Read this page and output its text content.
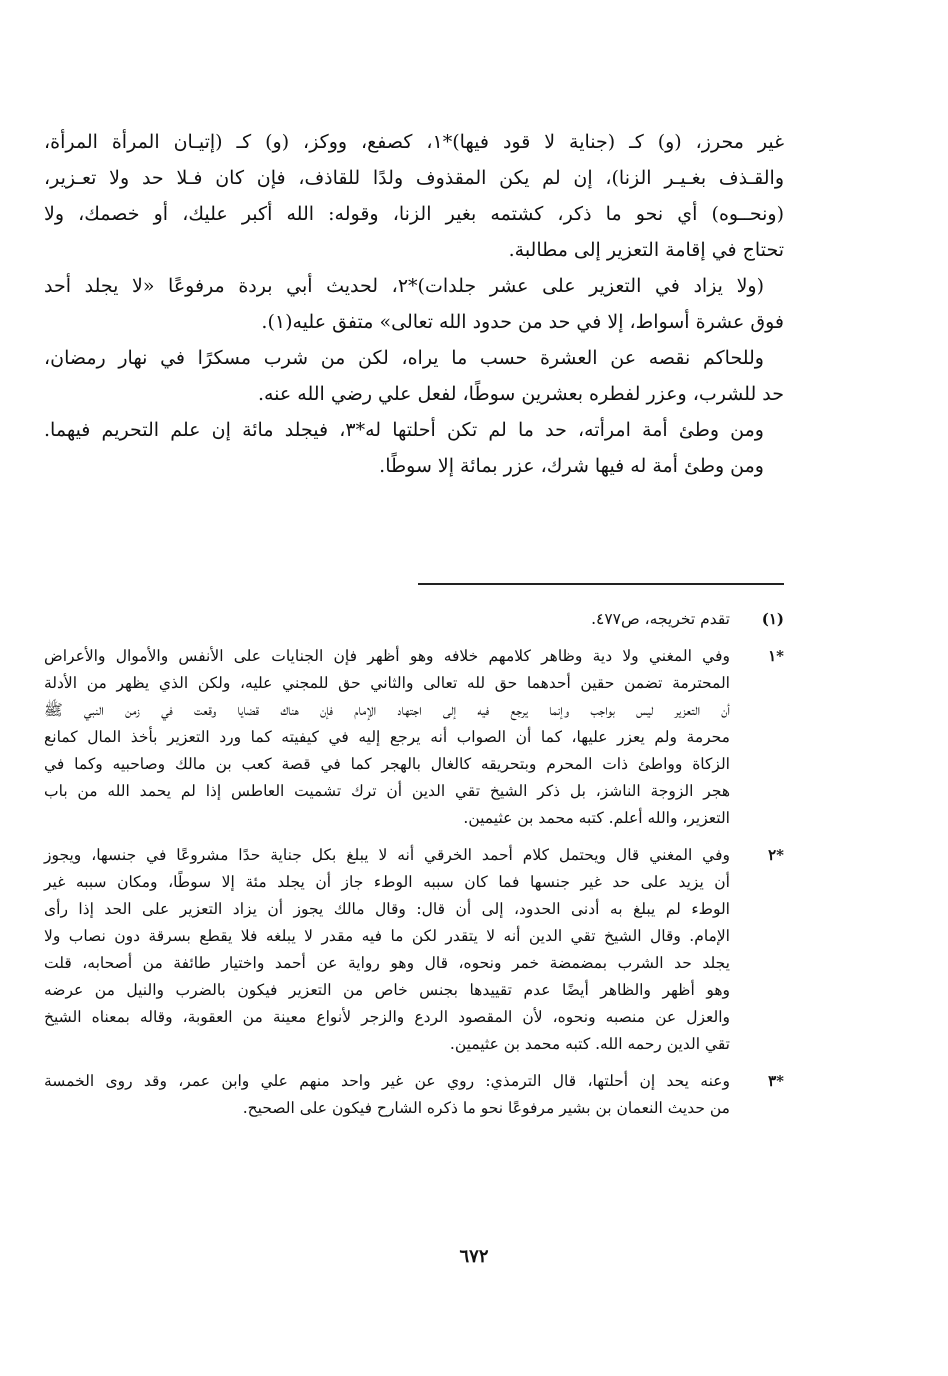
غير محرز، (و) كـ (جناية لا قود فيها)*١، كصفع، ووكز، (و) كـ (إتيـان المرأة المرأة،
والقـذف بغـيـر الزنا)، إن لم يكن المقذوف ولدًا للقاذف، فإن كان فـلا حد ولا تعـزير،
(ونحــوه) أي نحو ما ذكر، كشتمه بغير الزنا، وقوله: الله أكبر عليك، أو خصمك، ولا
تحتاج في إقامة التعزير إلى مطالبة.
(ولا يزاد في التعزير على عشر جلدات)*٢، لحديث أبي بردة مرفوعًا «لا يجلد أحد
فوق عشرة أسواط، إلا في حد من حدود الله تعالى» متفق عليه(١).
وللحاكم نقصه عن العشرة حسب ما يراه، لكن من شرب مسكرًا في نهار رمضان،
حد للشرب، وعزر لفطره بعشرين سوطًا، لفعل علي رضي الله عنه.
ومن وطئ أمة امرأته، حد ما لم تكن أحلتها له*٣، فيجلد مائة إن علم التحريم فيهما.
ومن وطئ أمة له فيها شرك، عزر بمائة إلا سوطًا.
(١)
تقدم تخريجه، ص٤٧٧.
*١
وفي المغني ولا دية وظاهر كلامهم خلافه وهو أظهر فإن الجنايات على الأنفس والأموال والأعراض
المحترمة تضمن حقين أحدهما حق لله تعالى والثاني حق للمجني عليه، ولكن الذي يظهر من الأدلة
أن التعزير ليس بواجب وإنما يرجع فيه إلى اجتهاد الإمام فإن هناك قضايا وقعت في زمن النبي ﷺ
محرمة ولم يعزر عليها، كما أن الصواب أنه يرجع إليه في كيفيته كما ورد التعزير بأخذ المال كمانع
الزكاة وواطئ ذات المحرم وبتحريقه كالغال بالهجر كما في قصة كعب بن مالك وصاحبيه وكما في
هجر الزوجة الناشز، بل ذكر الشيخ تقي الدين أن ترك تشميت العاطس إذا لم يحمد الله من باب
التعزير، والله أعلم. كتبه محمد بن عثيمين.
*٢
وفي المغني قال ويحتمل كلام أحمد الخرقي أنه لا يبلغ بكل جناية حدًا مشروعًا في جنسها، ويجوز
أن يزيد على حد غير جنسها فما كان سببه الوطء جاز أن يجلد مئة إلا سوطًا، ومكان سببه غير
الوطء لم يبلغ به أدنى الحدود، إلى أن قال: وقال مالك يجوز أن يزاد التعزير على الحد إذا رأى
الإمام. وقال الشيخ تقي الدين أنه لا يتقدر لكن ما فيه مقدر لا يبلغه فلا يقطع بسرقة دون نصاب ولا
يجلد حد الشرب بمضمضة خمر ونحوه، قال وهو رواية عن أحمد واختيار طائفة من أصحابه، قلت
وهو أظهر والظاهر أيضًا عدم تقييدها بجنس خاص من التعزير فيكون بالضرب والنيل من عرضه
والعزل عن منصبه ونحوه، لأن المقصود الردع والزجر لأنواع معينة من العقوبة، وقاله بمعناه الشيخ
تقي الدين رحمه الله. كتبه محمد بن عثيمين.
*٣
وعنه يحد إن أحلتها، قال الترمذي: روي عن غير واحد منهم علي وابن عمر، وقد روى الخمسة
من حديث النعمان بن بشير مرفوعًا نحو ما ذكره الشارح فيكون على الصحيح.
٦٧٢
